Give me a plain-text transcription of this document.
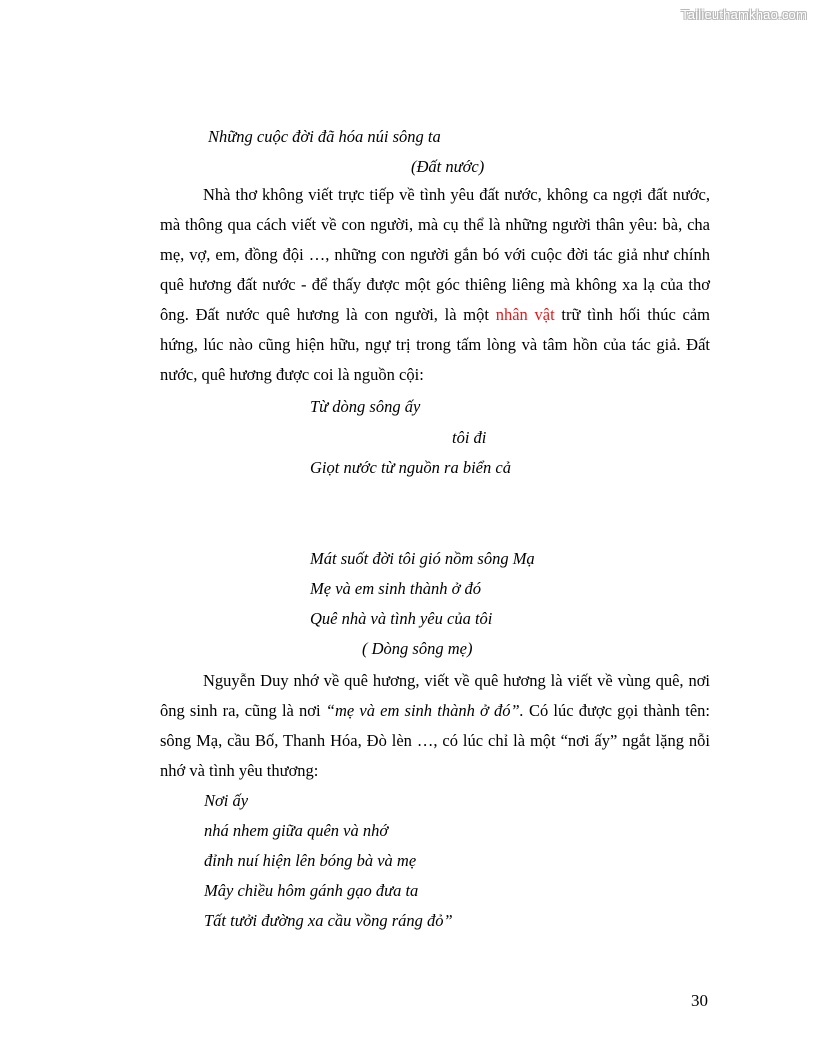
Tailieuthamkhao.com
Những cuộc đời đã hóa núi sông ta
(Đất nước)

Nhà thơ không viết trực tiếp về tình yêu đất nước, không ca ngợi đất nước, mà thông qua cách viết về con người, mà cụ thể là những người thân yêu: bà, cha mẹ, vợ, em, đồng đội …, những con người gắn bó với cuộc đời tác giả như chính quê hương đất nước - để thấy được một góc thiêng liêng mà không xa lạ của thơ ông. Đất nước quê hương là con người, là một nhân vật trữ tình hối thúc cảm hứng, lúc nào cũng hiện hữu, ngự trị trong tấm lòng và tâm hồn của tác giả. Đất nước, quê hương được coi là nguồn cội:

Từ dòng sông ấy
tôi đi
Giọt nước từ nguồn ra biển cả
Mát suốt đời tôi gió nồm sông Mạ
Mẹ và em sinh thành ở đó
Quê nhà và tình yêu của tôi
( Dòng sông mẹ)

Nguyễn Duy nhớ về quê hương, viết về quê hương là viết về vùng quê, nơi ông sinh ra, cũng là nơi “mẹ và em sinh thành ở đó”. Có lúc được gọi thành tên: sông Mạ, cầu Bố, Thanh Hóa, Đò lèn …, có lúc chỉ là một “nơi ấy” ngắt lặng nỗi nhớ và tình yêu thương:

Nơi ấy
nhá nhem giữa quên và nhớ
đỉnh nuí hiện lên bóng bà và mẹ
Mây chiều hôm gánh gạo đưa ta
Tất tưởi đường xa cầu vồng ráng đỏ”
30
